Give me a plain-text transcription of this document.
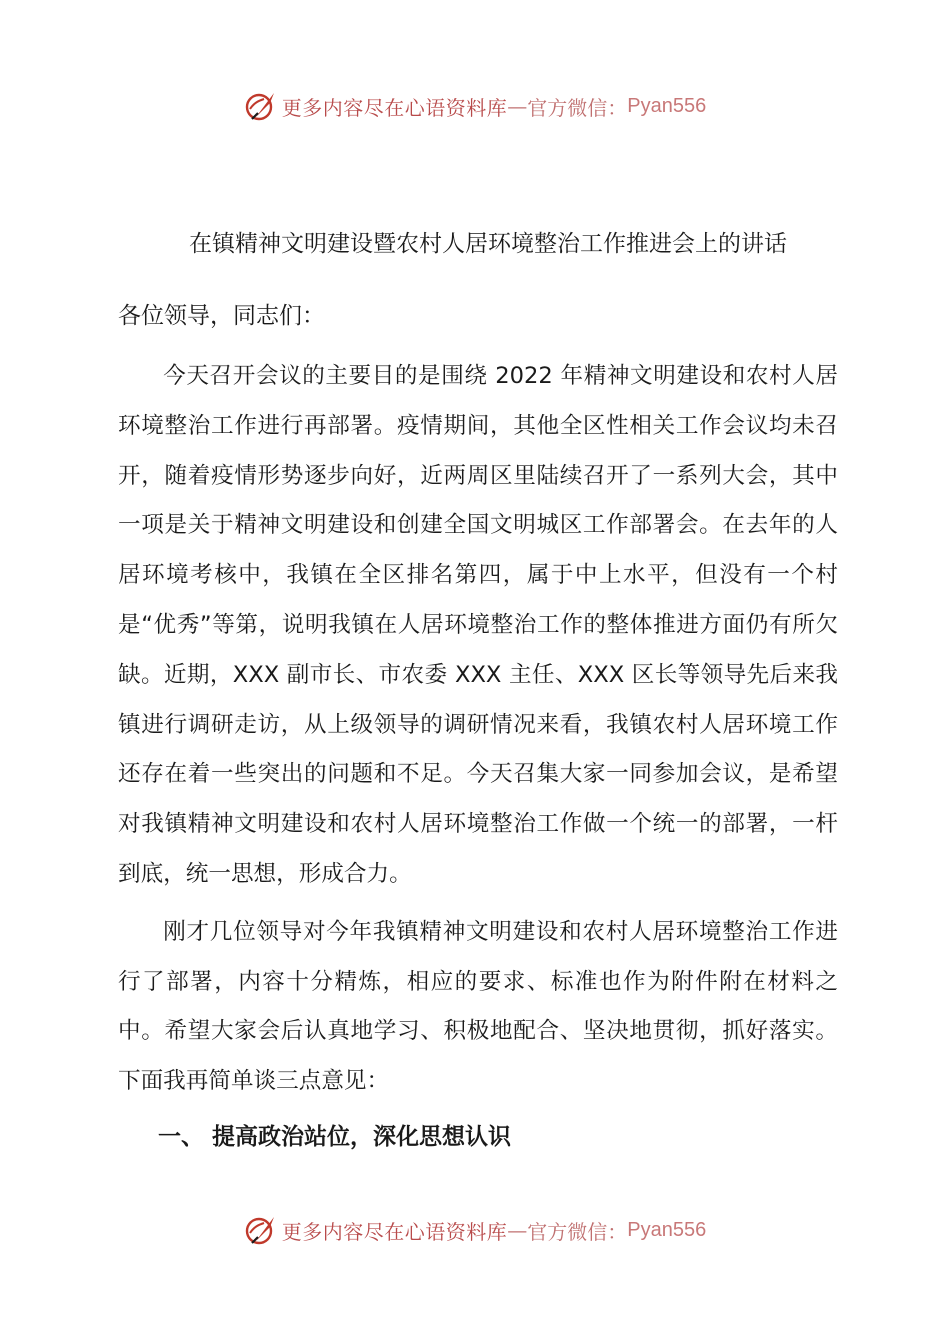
更多内容尽在心语资料库 — 官方微信： Pyan556
在镇精神文明建设暨农村人居环境整治工作推进会上的讲话
各位领导，同志们：

今天召开会议的主要目的是围绕 2022 年精神文明建设和农村人居环境整治工作进行再部署。疫情期间，其他全区性相关工作会议均未召开，随着疫情形势逐步向好，近两周区里陆续召开了一系列大会，其中一项是关于精神文明建设和创建全国文明城区工作部署会。在去年的人居环境考核中，我镇在全区排名第四，属于中上水平，但没有一个村是“优秀”等第，说明我镇在人居环境整治工作的整体推进方面仍有所欠缺。近期，XXX 副市长、市农委 XXX 主任、XXX 区长等领导先后来我镇进行调研走访，从上级领导的调研情况来看，我镇农村人居环境工作还存在着一些突出的问题和不足。今天召集大家一同参加会议，是希望对我镇精神文明建设和农村人居环境整治工作做一个统一的部署，一杆到底，统一思想，形成合力。

刚才几位领导对今年我镇精神文明建设和农村人居环境整治工作进行了部署，内容十分精炼，相应的要求、标准也作为附件附在材料之中。希望大家会后认真地学习、积极地配合、坚决地贯彻，抓好落实。下面我再简单谈三点意见：

一、 提高政治站位，深化思想认识
更多内容尽在心语资料库 — 官方微信： Pyan556
